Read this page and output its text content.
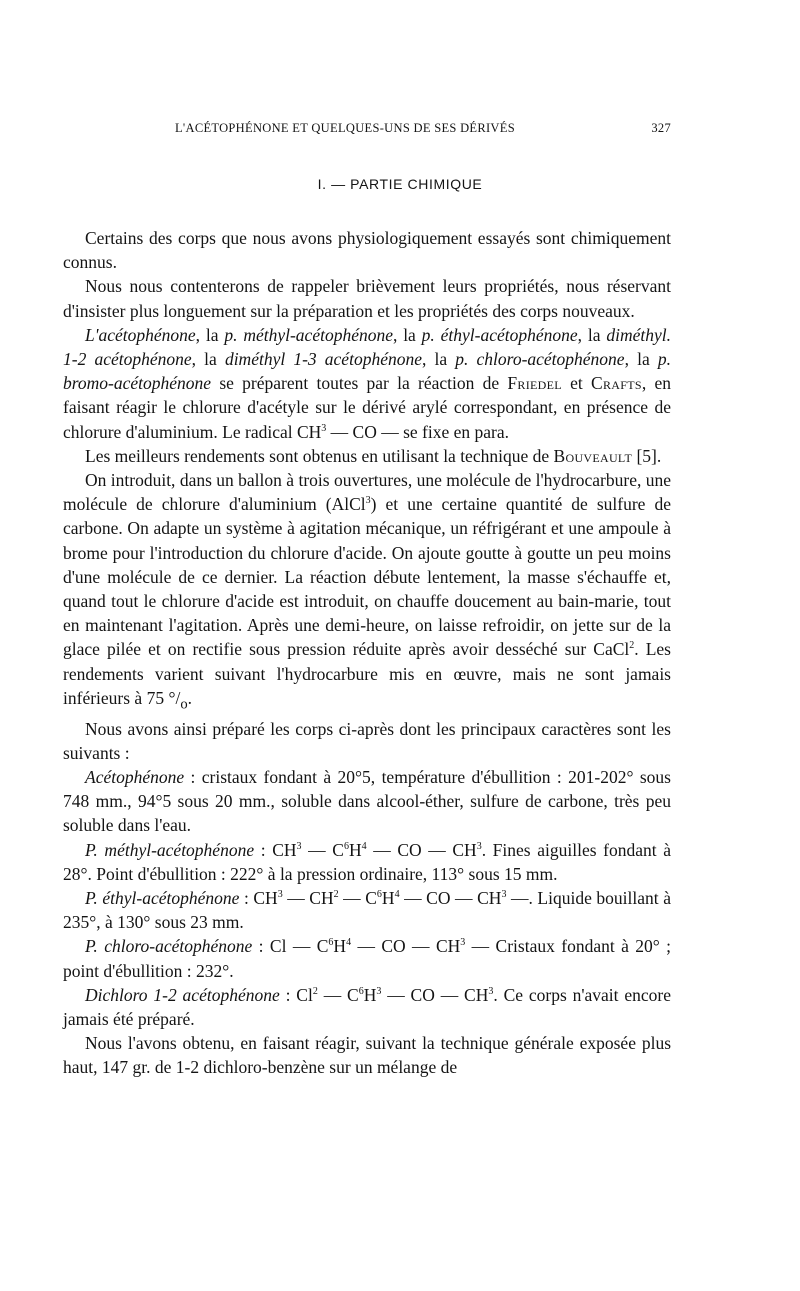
L'ACÉTOPHÉNONE ET QUELQUES-UNS DE SES DÉRIVÉS	327
I. — PARTIE CHIMIQUE

Certains des corps que nous avons physiologiquement essayés sont chimiquement connus.

Nous nous contenterons de rappeler brièvement leurs propriétés, nous réservant d'insister plus longuement sur la préparation et les propriétés des corps nouveaux.

L'acétophénone, la p. méthyl-acétophénone, la p. éthyl-acétophénone, la diméthyl. 1-2 acétophénone, la diméthyl 1-3 acétophénone, la p. chloro-acétophénone, la p. bromo-acétophénone se préparent toutes par la réaction de Friedel et Crafts, en faisant réagir le chlorure d'acétyle sur le dérivé arylé correspondant, en présence de chlorure d'aluminium. Le radical $CH^3$ — CO — se fixe en para.

Les meilleurs rendements sont obtenus en utilisant la technique de Bouveault [5].

On introduit, dans un ballon à trois ouvertures, une molécule de l'hydrocarbure, une molécule de chlorure d'aluminium (AlCl$^3$) et une certaine quantité de sulfure de carbone. On adapte un système à agitation mécanique, un réfrigérant et une ampoule à brome pour l'introduction du chlorure d'acide. On ajoute goutte à goutte un peu moins d'une molécule de ce dernier. La réaction débute lentement, la masse s'échauffe et, quand tout le chlorure d'acide est introduit, on chauffe doucement au bain-marie, tout en maintenant l'agitation. Après une demi-heure, on laisse refroidir, on jette sur de la glace pilée et on rectifie sous pression réduite après avoir desséché sur CaCl$^2$. Les rendements varient suivant l'hydrocarbure mis en œuvre, mais ne sont jamais inférieurs à 75 $^\circ/_o$.

Nous avons ainsi préparé les corps ci-après dont les principaux caractères sont les suivants :

Acétophénone : cristaux fondant à 20°5, température d'ébullition : 201-202° sous 748 mm., 94°5 sous 20 mm., soluble dans alcool-éther, sulfure de carbone, très peu soluble dans l'eau.

P. méthyl-acétophénone : $CH^3$ — $C^6H^4$ — CO — $CH^3$. Fines aiguilles fondant à 28°. Point d'ébullition : 222° à la pression ordinaire, 113° sous 15 mm.

P. éthyl-acétophénone : $CH^3$ — $CH^2$ — $C^6H^4$ — CO — $CH^3$ —. Liquide bouillant à 235°, à 130° sous 23 mm.

P. chloro-acétophénone : Cl — $C^6H^4$ — CO — $CH^3$ — Cristaux fondant à 20° ; point d'ébullition : 232°.

Dichloro 1-2 acétophénone : Cl$^2$ — $C^6H^3$ — CO — $CH^3$. Ce corps n'avait encore jamais été préparé.

Nous l'avons obtenu, en faisant réagir, suivant la technique générale exposée plus haut, 147 gr. de 1-2 dichloro-benzène sur un mélange de
